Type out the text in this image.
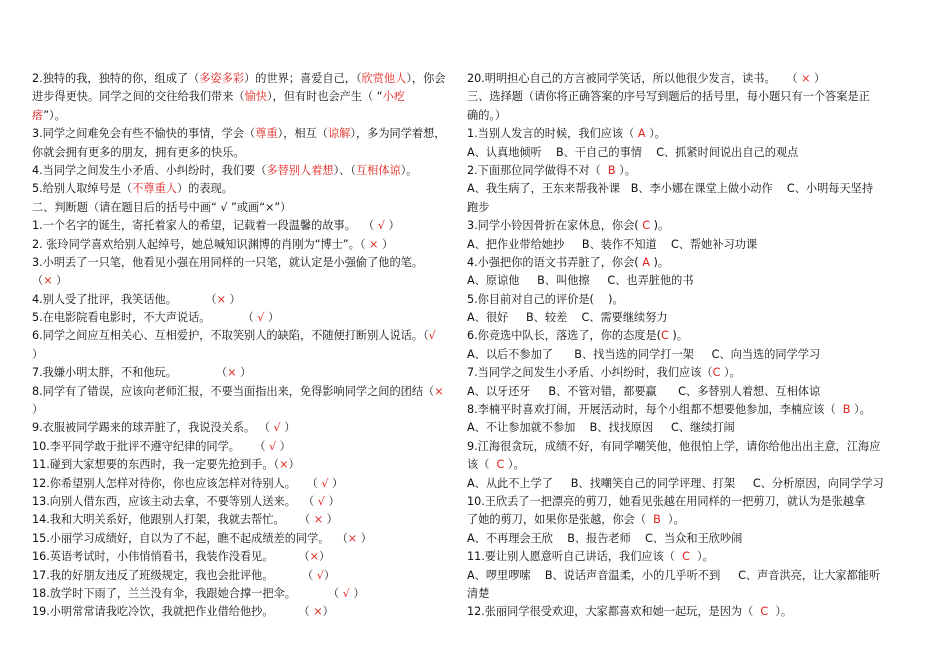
2.独特的我，独特的你，组成了（多姿多彩）的世界；喜爱自己，（欣赏他人），你会
进步得更快。同学之间的交往给我们带来（愉快），但有时也会产生（ “小疙
瘩”）。
3.同学之间难免会有些不愉快的事情，学会（尊重），相互（谅解），多为同学着想，
你就会拥有更多的朋友，拥有更多的快乐。
4.当同学之间发生小矛盾、小纠纷时，我们要（多替别人着想）、（互相体谅）。
5.给别人取绰号是（不尊重人）的表现。
二、判断题（请在题目后的括号中画“ √ ”或画“×”）
1.一个名字的诞生，寄托着家人的希望，记载着一段温馨的故事。  （ √ ）
2. 张玲同学喜欢给别人起绰号，她总喊知识渊博的肖刚为“博士”。（ × ）
3.小明丢了一只笔，他看见小强在用同样的一只笔，就认定是小强偷了他的笔。
（× ）
4.别人受了批评，我笑话他。        （× ）
5.在电影院看电影时，不大声说话。         （ √ ）
6.同学之间应互相关心、互相爱护，不取笑别人的缺陷，不随便打断别人说话。（√
）
7.我嫌小明太胖，不和他玩。           （× ）
8.同学有了错误，应该向老师汇报，不要当面指出来，免得影响同学之间的团结（×
）
9.衣服被同学踢来的球弄脏了，我说没关系。 （ √ ）
10.李平同学敢于批评不遵守纪律的同学。    （ √ ）
11.碰到大家想要的东西时，我一定要先抢到手。（×）
12.你希望别人怎样对待你，你也应该怎样对待别人。   （ √ ）
13.向别人借东西，应该主动去拿，不要等别人送来。  （ √ ）
14.我和大明关系好，他跟别人打架，我就去帮忙。    （ × ）
15.小丽学习成绩好，自以为了不起，瞧不起成绩差的同学。  （× ）
16.英语考试时，小伟悄悄看书，我装作没看见。       （×）
17.我的好朋友违反了班级规定，我也会批评他。        （ √）
18.放学时下雨了，兰兰没有伞，我跟她合撑一把伞。         （ √ ）
19.小明常常请我吃冷饮，我就把作业借给他抄。       （ ×）
20.明明担心自己的方言被同学笑话，所以他很少发言，读书。   （ × ）
三、选择题（请你将正确答案的序号写到题后的括号里，每小题只有一个答案是正
确的。）
1.当别人发言的时候，我们应该（ A ）。
A、认真地倾听    B、干自己的事情    C、抓紧时间说出自己的观点
2.下面那位同学做得不对（  B ）。
A、我生病了，王东来帮我补课   B、李小娜在课堂上做小动作    C、小明每天坚持
跑步
3.同学小铃因骨折在家休息，你会( C )。
A、把作业带给她抄     B、装作不知道    C、帮她补习功课
4.小强把你的语文书弄脏了，你会( A )。
A、原谅他     B、叫他擦     C、也弄脏他的书
5.你目前对自己的评价是(    )。
A、很好     B、较差    C、需要继续努力
6.你竞选中队长，落选了，你的态度是(C )。
A、以后不参加了      B、找当选的同学打一架     C、向当选的同学学习
7.当同学之间发生小矛盾、小纠纷时，我们应该（C ）。
A、以牙还牙     B、不管对错，都要赢      C、多替别人着想、互相体谅
8.李楠平时喜欢打闹，开展活动时，每个小组都不想要他参加，李楠应该（  B ）。
A、不让参加就不参加    B、找找原因     C、继续打闹
9.江海很贪玩，成绩不好，有同学嘲笑他，他很怕上学，请你给他出出主意，江海应
该（  C ）。
A、从此不上学了     B、找嘲笑自己的同学评理、打架     C、分析原因，向同学学习
10.王欣丢了一把漂亮的剪刀，她看见张越在用同样的一把剪刀，就认为是张越拿
了她的剪刀，如果你是张越，你会（  B  ）。
A、不再理会王欣    B、报告老师    C、当众和王欣吵闹
11.要让别人愿意听自己讲话，我们应该（  C  ）。
A、啰里啰嗦    B、说话声音温柔，小的几乎听不到     C、声音洪亮，让大家都能听
清楚
12.张丽同学很受欢迎，大家都喜欢和她一起玩，是因为（  C  ）。
